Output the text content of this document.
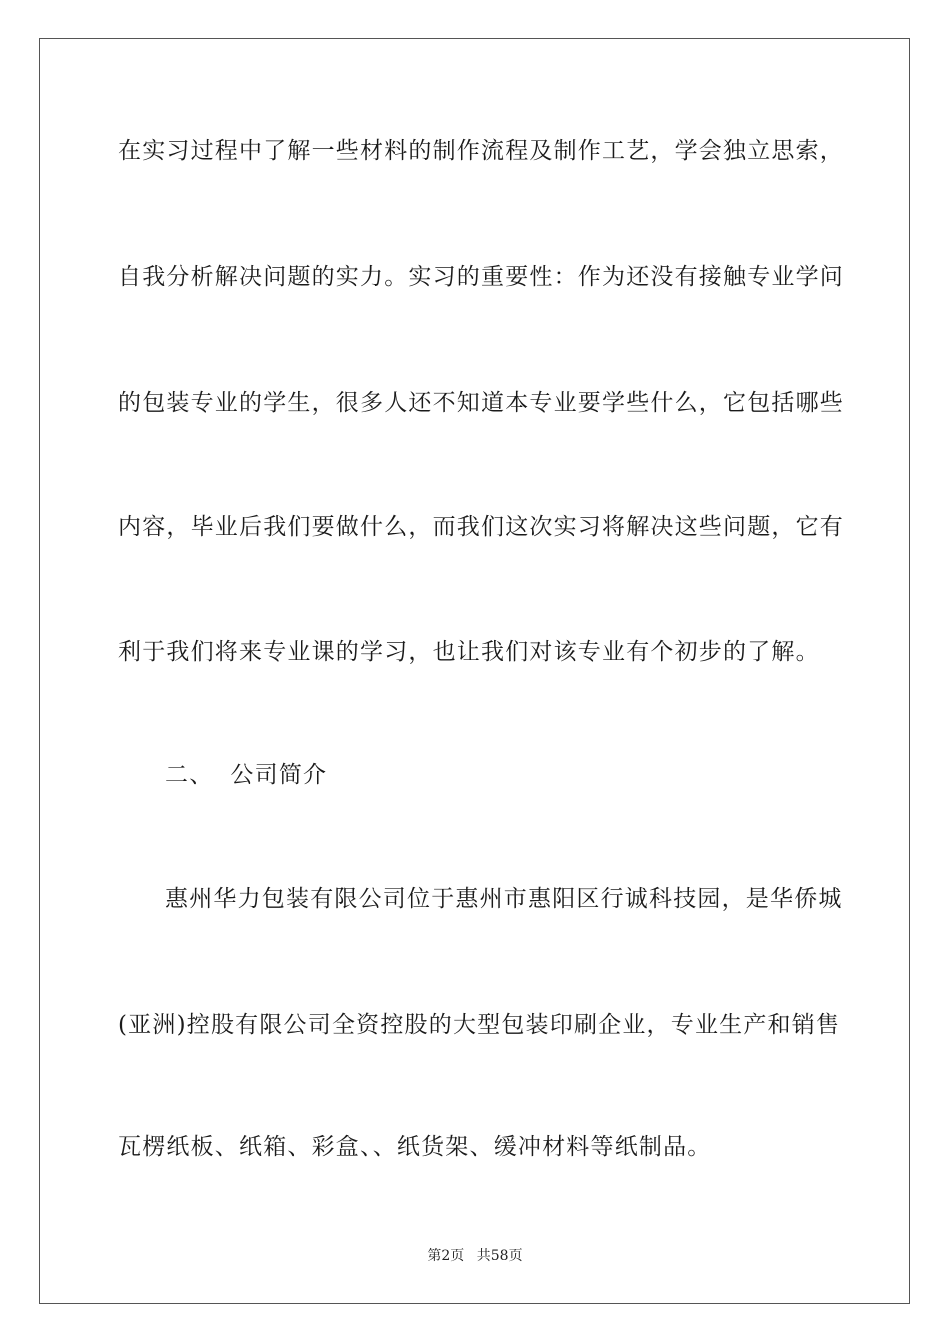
在实习过程中了解一些材料的制作流程及制作工艺，学会独立思索，
自我分析解决问题的实力。实习的重要性：作为还没有接触专业学问
的包装专业的学生，很多人还不知道本专业要学些什么，它包括哪些
内容，毕业后我们要做什么，而我们这次实习将解决这些问题，它有
利于我们将来专业课的学习，也让我们对该专业有个初步的了解。
二、  公司简介
惠州华力包装有限公司位于惠州市惠阳区行诚科技园，是华侨城
(亚洲)控股有限公司全资控股的大型包装印刷企业，专业生产和销售
瓦楞纸板、纸箱、彩盒、、纸货架、缓冲材料等纸制品。
第2页 共58页
